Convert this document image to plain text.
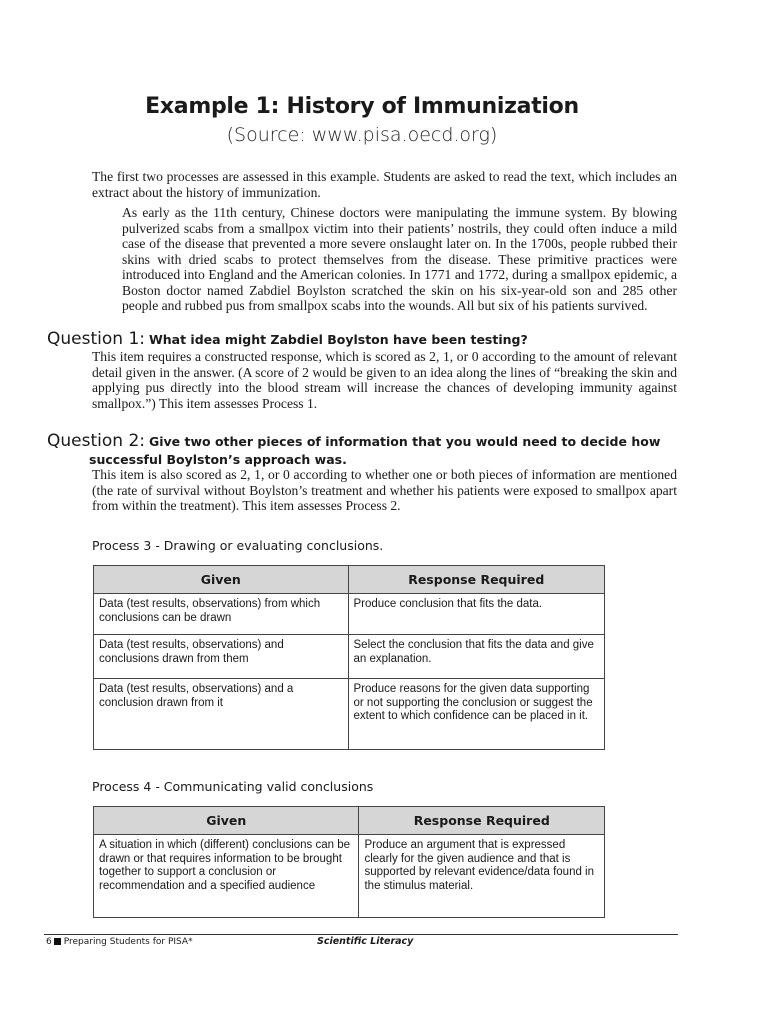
Example 1: History of Immunization
(Source: www.pisa.oecd.org)
The first two processes are assessed in this example. Students are asked to read the text, which includes an extract about the history of immunization.
As early as the 11th century, Chinese doctors were manipulating the immune system. By blowing pulverized scabs from a smallpox victim into their patients’ nostrils, they could often induce a mild case of the disease that prevented a more severe onslaught later on. In the 1700s, people rubbed their skins with dried scabs to protect themselves from the disease. These primitive practices were introduced into England and the American colonies. In 1771 and 1772, during a smallpox epidemic, a Boston doctor named Zabdiel Boylston scratched the skin on his six-year-old son and 285 other people and rubbed pus from smallpox scabs into the wounds. All but six of his patients survived.
Question 1: What idea might Zabdiel Boylston have been testing?
This item requires a constructed response, which is scored as 2, 1, or 0 according to the amount of relevant detail given in the answer. (A score of 2 would be given to an idea along the lines of “breaking the skin and applying pus directly into the blood stream will increase the chances of developing immunity against smallpox.”) This item assesses Process 1.
Question 2: Give two other pieces of information that you would need to decide how
successful Boylston’s approach was.
This item is also scored as 2, 1, or 0 according to whether one or both pieces of information are mentioned (the rate of survival without Boylston’s treatment and whether his patients were exposed to smallpox apart from within the treatment). This item assesses Process 2.
Process 3 - Drawing or evaluating conclusions.
Given	Response Required
Data (test results, observations) from which conclusions can be drawn	Produce conclusion that fits the data.
Data (test results, observations) and conclusions drawn from them	Select the conclusion that fits the data and give an explanation.
Data (test results, observations) and a conclusion drawn from it	Produce reasons for the given data supporting or not supporting the conclusion or suggest the extent to which confidence can be placed in it.
Process 4 - Communicating valid conclusions
Given	Response Required
A situation in which (different) conclusions can be drawn or that requires information to be brought together to support a conclusion or recommendation and a specified audience	Produce an argument that is expressed clearly for the given audience and that is supported by relevant evidence/data found in the stimulus material.
6 Preparing Students for PISA*	Scientific Literacy
